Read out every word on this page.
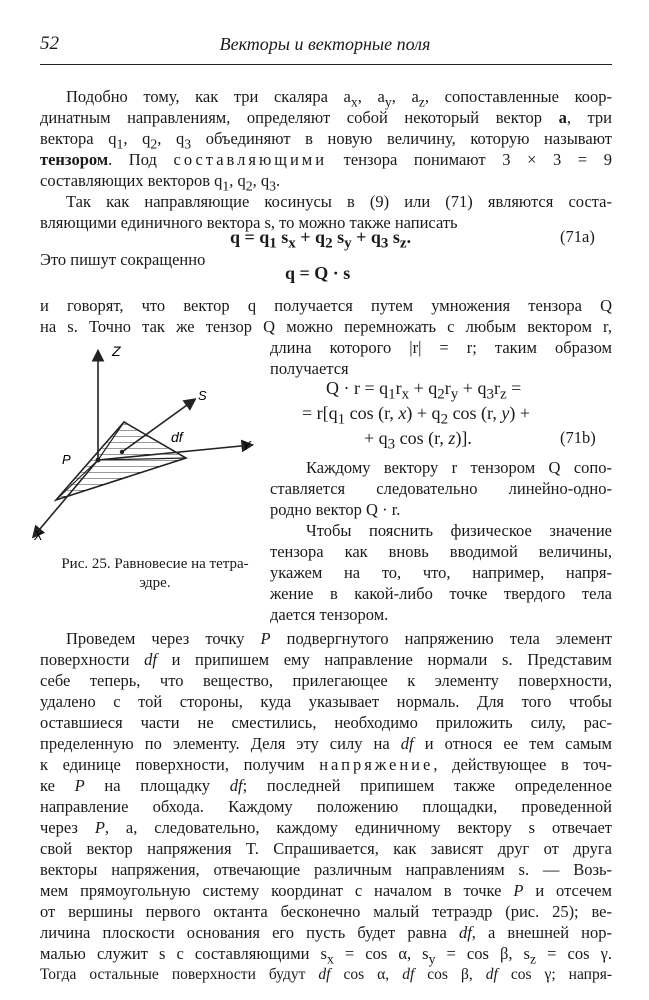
52	Векторы и векторные поля
Подобно тому, как три скаляра $a_x$, $a_y$, $a_z$, сопоставленные коор-
динатным направлениям, определяют собой некоторый вектор a, три
вектора $q_1$, $q_2$, $q_3$ объединяют в новую величину, которую называют
тензором. Под составляющими тензора понимают 3 × 3 = 9
составляющих векторов $q_1$, $q_2$, $q_3$.
Так как направляющие косинусы в (9) или (71) являются соста-
вляющими единичного вектора s, то можно также написать
$q = q_1$ $s_x + q_2$ $s_y + q_3$ $s_z$.	(71a)
Это пишут сокращенно
q = Q · s
и говорят, что вектор q получается путем умножения тензора Q
на s. Точно так же тензор Q можно перемножать с любым вектором r,
длина которого |r| = r; таким образом
получается
$Q \cdot r = q_1r_x + q_2r_y + q_3r_z$ =
= $r[q_1$ cos (r, $x) + q_2$ cos (r, y) +
+ $q_3$ cos (r, z)].	(71b)
Каждому вектору r тензором Q сопо-
ставляется следовательно линейно-одно-
родно вектор Q · r.
Чтобы пояснить физическое значение
тензора как вновь вводимой величины,
укажем на то, что, например, напря-
жение в какой-либо точке твердого тела
дается тензором.
Z
S
df
Y
P
X
Рис. 25. Равновесие на тетра- эдре.
Проведем через точку P подвергнутого напряжению тела элемент
поверхности df и припишем ему направление нормали s. Представим
себе теперь, что вещество, прилегающее к элементу поверхности,
удалено с той стороны, куда указывает нормаль. Для того чтобы
оставшиеся части не сместились, необходимо приложить силу, рас-
пределенную по элементу. Деля эту силу на df и относя ее тем самым
к единице поверхности, получим напряжение, действующее в точ-
ке P на площадку df; последней припишем также определенное
направление обхода. Каждому положению площадки, проведенной
через P, а, следовательно, каждому единичному вектору s отвечает
свой вектор напряжения T. Спрашивается, как зависят друг от друга
векторы напряжения, отвечающие различным направлениям s. — Возь-
мем прямоугольную систему координат с началом в точке P и отсечем
от вершины первого октанта бесконечно малый тетраэдр (рис. 25); ве-
личина плоскости основания его пусть будет равна df, а внешней нор-
малью служит s с составляющими $s_x = \cos \alpha$, $s_y = \cos \beta$, $s_z = \cos \gamma$.
Тогда остальные поверхности будут df cos α, df cos β, df cos γ; напря-
